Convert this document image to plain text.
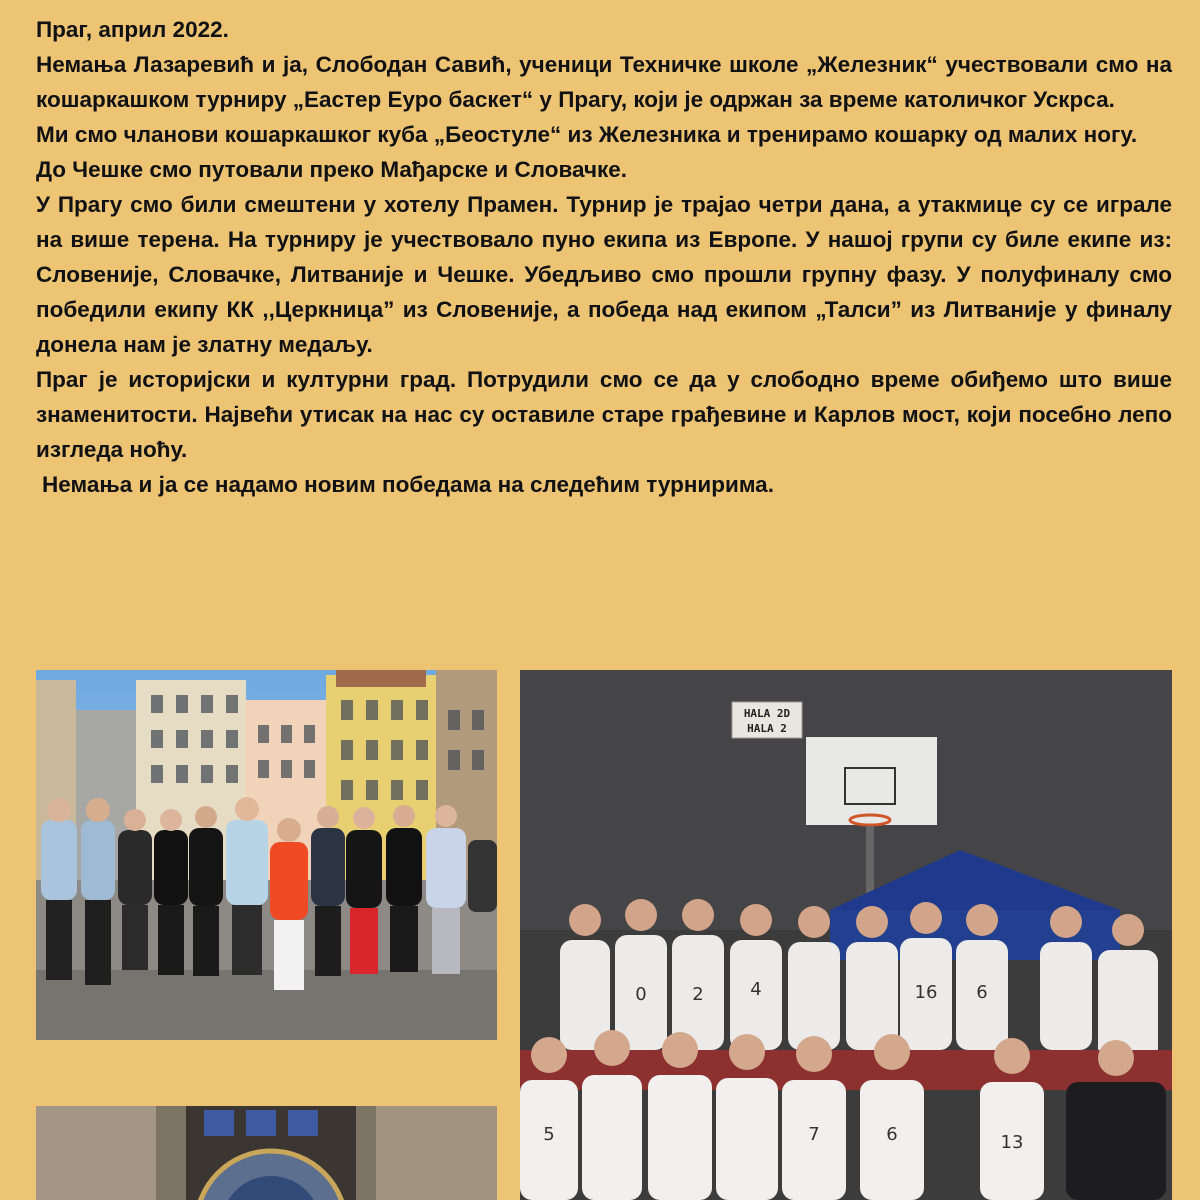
Праг, април 2022.

Немања Лазаревић и ја, Слободан Савић, ученици Техничке школе „Железник“ учествовали смо на кошаркашком турниру „Еастер Еуро баскет“ у Прагу, који је одржан за време католичког Ускрса.

Ми смо чланови кошаркашког куба „Беостуле“ из Железника и тренирамо кошарку од малих ногу.

До Чешке смо путовали преко Мађарске и Словачке.

У Прагу смо били смештени у хотелу Прамен. Турнир је трајао четри дана, а утакмице су се играле на више терена. На турниру је учествовало пуно екипа из Европе. У нашој групи су биле екипе из: Словеније, Словачке, Литваније и Чешке. Убедљиво смо прошли групну фазу. У полуфиналу смо победили екипу КК ,,Церкница” из Словеније, а победа над екипом „Талси” из Литваније у финалу донела нам је златну медаљу.

Праг је историјски и културни град. Потрудили смо се да у слободно време обиђемо што више знаменитости. Највећи утисак на нас су оставиле старе грађевине и Карлов мост, који посебно лепо изгледа ноћу.

Немања и ја се надамо новим победама на следећим турнирима.

HALA 2D
HALA 2
0	2	4	16 6
5	7	6	13
